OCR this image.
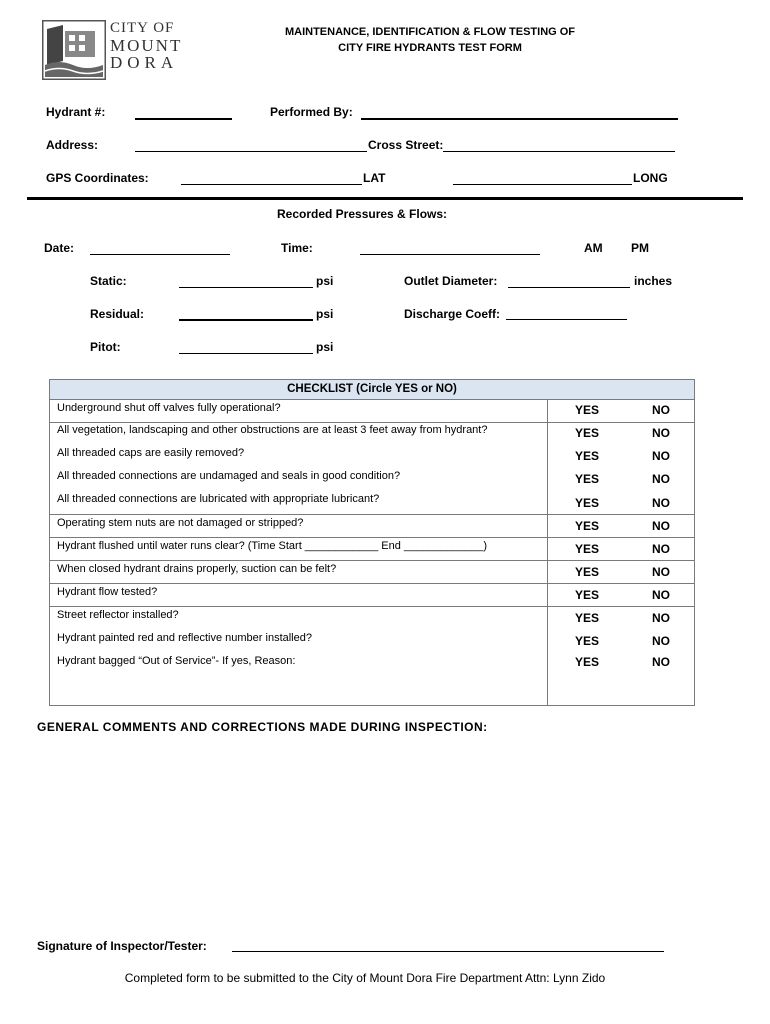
CITY OF
MOUNT
DORA
MAINTENANCE, IDENTIFICATION & FLOW TESTING OF
CITY FIRE HYDRANTS TEST FORM
Hydrant #:	Performed By:
Address:	Cross Street:
GPS Coordinates:	LAT	LONG
Recorded Pressures & Flows:
Date:	Time:	AM PM
Static:	psi	Outlet Diameter:	inches
Residual:	psi	Discharge Coeff:
Pitot:	psi
CHECKLIST (Circle YES or NO)
Underground shut off valves fully operational?	YES	NO
All vegetation, landscaping and other obstructions are at least 3 feet away from hydrant?	YES	NO
All threaded caps are easily removed?	YES	NO
All threaded connections are undamaged and seals in good condition?	YES	NO
All threaded connections are lubricated with appropriate lubricant?	YES	NO
Operating stem nuts are not damaged or stripped?	YES	NO
Hydrant flushed until water runs clear? (Time Start ____________ End _____________)	YES	NO
When closed hydrant drains properly, suction can be felt?	YES	NO
Hydrant flow tested?	YES	NO
Street reflector installed?	YES	NO
Hydrant painted red and reflective number installed?	YES	NO
Hydrant bagged “Out of Service”- If yes, Reason:	YES	NO
GENERAL COMMENTS AND CORRECTIONS MADE DURING INSPECTION:
Signature of Inspector/Tester:
Completed form to be submitted to the City of Mount Dora Fire Department Attn: Lynn Zido
